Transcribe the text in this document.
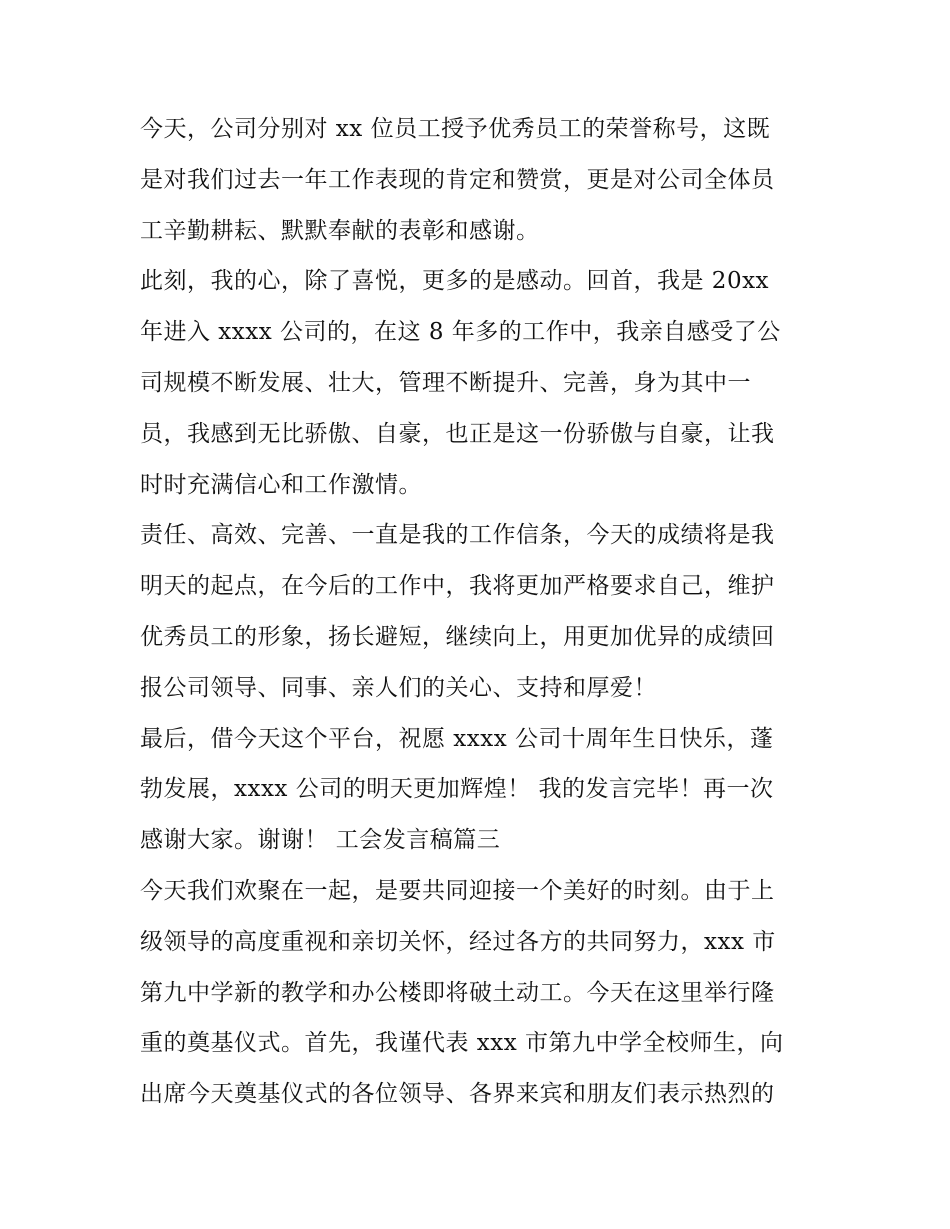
今天，公司分别对 xx 位员工授予优秀员工的荣誉称号，这既
是对我们过去一年工作表现的肯定和赞赏，更是对公司全体员
工辛勤耕耘、默默奉献的表彰和感谢。
此刻，我的心，除了喜悦，更多的是感动。回首，我是 20xx
年进入 xxxx 公司的，在这 8 年多的工作中，我亲自感受了公
司规模不断发展、壮大，管理不断提升、完善，身为其中一
员，我感到无比骄傲、自豪，也正是这一份骄傲与自豪，让我
时时充满信心和工作激情。
责任、高效、完善、一直是我的工作信条，今天的成绩将是我
明天的起点，在今后的工作中，我将更加严格要求自己，维护
优秀员工的形象，扬长避短，继续向上，用更加优异的成绩回
报公司领导、同事、亲人们的关心、支持和厚爱！
最后，借今天这个平台，祝愿 xxxx 公司十周年生日快乐，蓬
勃发展，xxxx 公司的明天更加辉煌！ 我的发言完毕！再一次
感谢大家。谢谢！ 工会发言稿篇三
今天我们欢聚在一起，是要共同迎接一个美好的时刻。由于上
级领导的高度重视和亲切关怀，经过各方的共同努力，xxx 市
第九中学新的教学和办公楼即将破土动工。今天在这里举行隆
重的奠基仪式。首先，我谨代表 xxx 市第九中学全校师生，向
出席今天奠基仪式的各位领导、各界来宾和朋友们表示热烈的
